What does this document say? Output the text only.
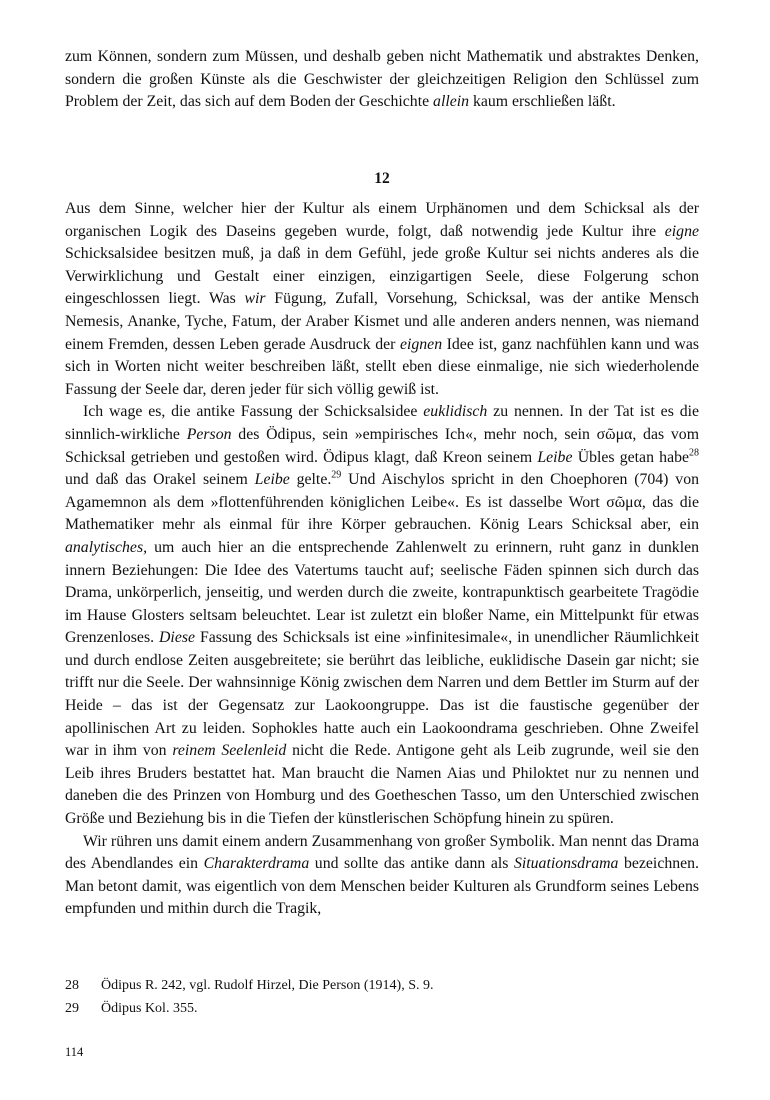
zum Können, sondern zum Müssen, und deshalb geben nicht Mathematik und abstraktes Denken, sondern die großen Künste als die Geschwister der gleichzeitigen Religion den Schlüssel zum Problem der Zeit, das sich auf dem Boden der Geschichte allein kaum erschließen läßt.

12

Aus dem Sinne, welcher hier der Kultur als einem Urphänomen und dem Schicksal als der organischen Logik des Daseins gegeben wurde, folgt, daß notwendig jede Kultur ihre eigne Schicksalsidee besitzen muß, ja daß in dem Gefühl, jede große Kultur sei nichts anderes als die Verwirklichung und Gestalt einer einzigen, einzigartigen Seele, diese Folgerung schon eingeschlossen liegt. Was wir Fügung, Zufall, Vorsehung, Schicksal, was der antike Mensch Nemesis, Ananke, Tyche, Fatum, der Araber Kismet und alle anderen anders nennen, was niemand einem Fremden, dessen Leben gerade Ausdruck der eignen Idee ist, ganz nachfühlen kann und was sich in Worten nicht weiter beschreiben läßt, stellt eben diese einmalige, nie sich wiederholende Fassung der Seele dar, deren jeder für sich völlig gewiß ist.

Ich wage es, die antike Fassung der Schicksalsidee euklidisch zu nennen. In der Tat ist es die sinnlich-wirkliche Person des Ödipus, sein »empirisches Ich«, mehr noch, sein σῶμα, das vom Schicksal getrieben und gestoßen wird. Ödipus klagt, daß Kreon seinem Leibe Übles getan habe$^{28}$ und daß das Orakel seinem Leibe gelte.$^{29}$ Und Aischylos spricht in den Choephoren (704) von Agamemnon als dem »flottenführenden königlichen Leibe«. Es ist dasselbe Wort σῶμα, das die Mathematiker mehr als einmal für ihre Körper gebrauchen. König Lears Schicksal aber, ein analytisches, um auch hier an die entsprechende Zahlenwelt zu erinnern, ruht ganz in dunklen innern Beziehungen: Die Idee des Vatertums taucht auf; seelische Fäden spinnen sich durch das Drama, unkörperlich, jenseitig, und werden durch die zweite, kontrapunktisch gearbeitete Tragödie im Hause Glosters seltsam beleuchtet. Lear ist zuletzt ein bloßer Name, ein Mittelpunkt für etwas Grenzenloses. Diese Fassung des Schicksals ist eine »infinitesimale«, in unendlicher Räumlichkeit und durch endlose Zeiten ausgebreitete; sie berührt das leibliche, euklidische Dasein gar nicht; sie trifft nur die Seele. Der wahnsinnige König zwischen dem Narren und dem Bettler im Sturm auf der Heide – das ist der Gegensatz zur Laokoongruppe. Das ist die faustische gegenüber der apollinischen Art zu leiden. Sophokles hatte auch ein Laokoondrama geschrieben. Ohne Zweifel war in ihm von reinem Seelenleid nicht die Rede. Antigone geht als Leib zugrunde, weil sie den Leib ihres Bruders bestattet hat. Man braucht die Namen Aias und Philoktet nur zu nennen und daneben die des Prinzen von Homburg und des Goetheschen Tasso, um den Unterschied zwischen Größe und Beziehung bis in die Tiefen der künstlerischen Schöpfung hinein zu spüren.

Wir rühren uns damit einem andern Zusammenhang von großer Symbolik. Man nennt das Drama des Abendlandes ein Charakterdrama und sollte das antike dann als Situationsdrama bezeichnen. Man betont damit, was eigentlich von dem Menschen beider Kulturen als Grundform seines Lebens empfunden und mithin durch die Tragik,

28 Ödipus R. 242, vgl. Rudolf Hirzel, Die Person (1914), S. 9.
29 Ödipus Kol. 355.
114
